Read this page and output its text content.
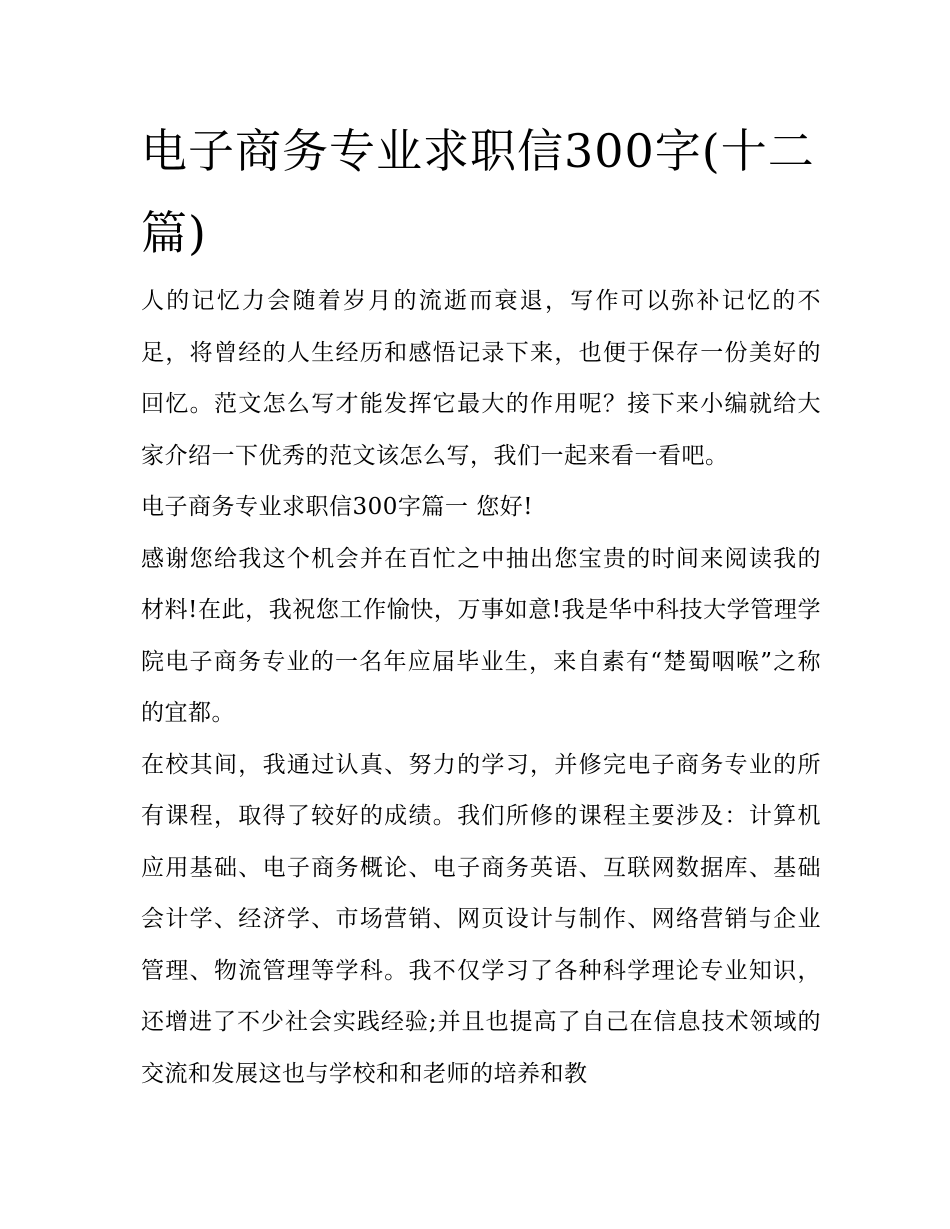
电子商务专业求职信300字(十二篇)

人的记忆力会随着岁月的流逝而衰退，写作可以弥补记忆的不足，将曾经的人生经历和感悟记录下来，也便于保存一份美好的回忆。范文怎么写才能发挥它最大的作用呢？接下来小编就给大家介绍一下优秀的范文该怎么写，我们一起来看一看吧。

电子商务专业求职信300字篇一 您好!

感谢您给我这个机会并在百忙之中抽出您宝贵的时间来阅读我的材料!在此，我祝您工作愉快，万事如意!我是华中科技大学管理学院电子商务专业的一名年应届毕业生，来自素有“楚蜀咽喉”之称的宜都。

在校其间，我通过认真、努力的学习，并修完电子商务专业的所有课程，取得了较好的成绩。我们所修的课程主要涉及：计算机应用基础、电子商务概论、电子商务英语、互联网数据库、基础会计学、经济学、市场营销、网页设计与制作、网络营销与企业管理、物流管理等学科。我不仅学习了各种科学理论专业知识，还增进了不少社会实践经验;并且也提高了自己在信息技术领域的交流和发展这也与学校和和老师的培养和教
